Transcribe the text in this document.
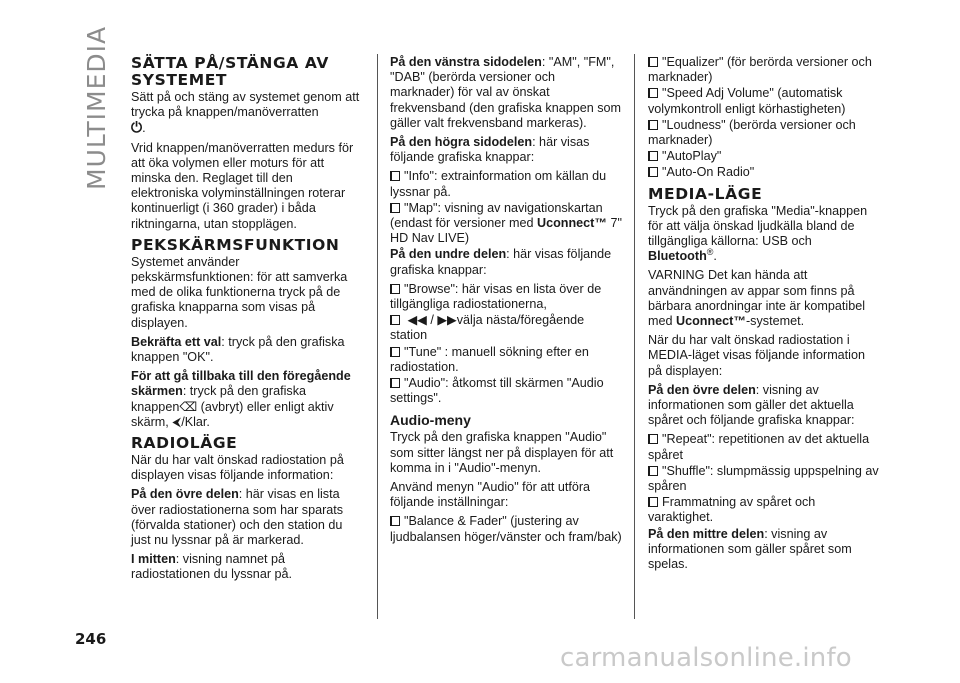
MULTIMEDIA SÄTTA PÅ/STÄNGA AV SYSTEMET

Sätt på och stäng av systemet genom att trycka på knappen/manöverratten
⏻.

Vrid knappen/manöverratten medurs för att öka volymen eller moturs för att minska den. Reglaget till den elektroniska volyminställningen roterar kontinuerligt (i 360 grader) i båda riktningarna, utan stopplägen.

PEKSKÄRMSFUNKTION

Systemet använder pekskärmsfunktionen: för att samverka med de olika funktionerna tryck på de grafiska knapparna som visas på displayen.

Bekräfta ett val: tryck på den grafiska knappen "OK".

För att gå tillbaka till den föregående skärmen: tryck på den grafiska knappen⌫ (avbryt) eller enligt aktiv skärm, ⮜/Klar.

RADIOLÄGE

När du har valt önskad radiostation på displayen visas följande information:

På den övre delen: här visas en lista över radiostationerna som har sparats (förvalda stationer) och den station du just nu lyssnar på är markerad.

I mitten: visning namnet på radiostationen du lyssnar på.

På den vänstra sidodelen: "AM", "FM", "DAB" (berörda versioner och marknader) för val av önskat frekvensband (den grafiska knappen som gäller valt frekvensband markeras).

På den högra sidodelen: här visas följande grafiska knappar:

"Info": extrainformation om källan du lyssnar på.

"Map": visning av navigationskartan (endast för versioner med Uconnect™ 7" HD Nav LIVE)

På den undre delen: här visas följande grafiska knappar:

"Browse": här visas en lista över de tillgängliga radiostationerna,

◀◀ / ▶▶välja nästa/föregående station

"Tune" : manuell sökning efter en radiostation.

"Audio": åtkomst till skärmen "Audio settings".

Audio-meny

Tryck på den grafiska knappen "Audio" som sitter längst ner på displayen för att komma in i "Audio"-menyn.

Använd menyn "Audio" för att utföra följande inställningar:

"Balance & Fader" (justering av ljudbalansen höger/vänster och fram/bak)

"Equalizer" (för berörda versioner och marknader)

"Speed Adj Volume" (automatisk volymkontroll enligt körhastigheten)

"Loudness" (berörda versioner och marknader)

"AutoPlay"

"Auto-On Radio"

MEDIA-LÄGE

Tryck på den grafiska "Media"-knappen för att välja önskad ljudkälla bland de tillgängliga källorna: USB och
Bluetooth®.

VARNING Det kan hända att användningen av appar som finns på bärbara anordningar inte är kompatibel med Uconnect™-systemet.

När du har valt önskad radiostation i MEDIA-läget visas följande information på displayen:

På den övre delen: visning av informationen som gäller det aktuella spåret och följande grafiska knappar:

"Repeat": repetitionen av det aktuella spåret

"Shuffle": slumpmässig uppspelning av spåren

Frammatning av spåret och varaktighet.

På den mittre delen: visning av informationen som gäller spåret som spelas.

246
carmanualsonline.info
